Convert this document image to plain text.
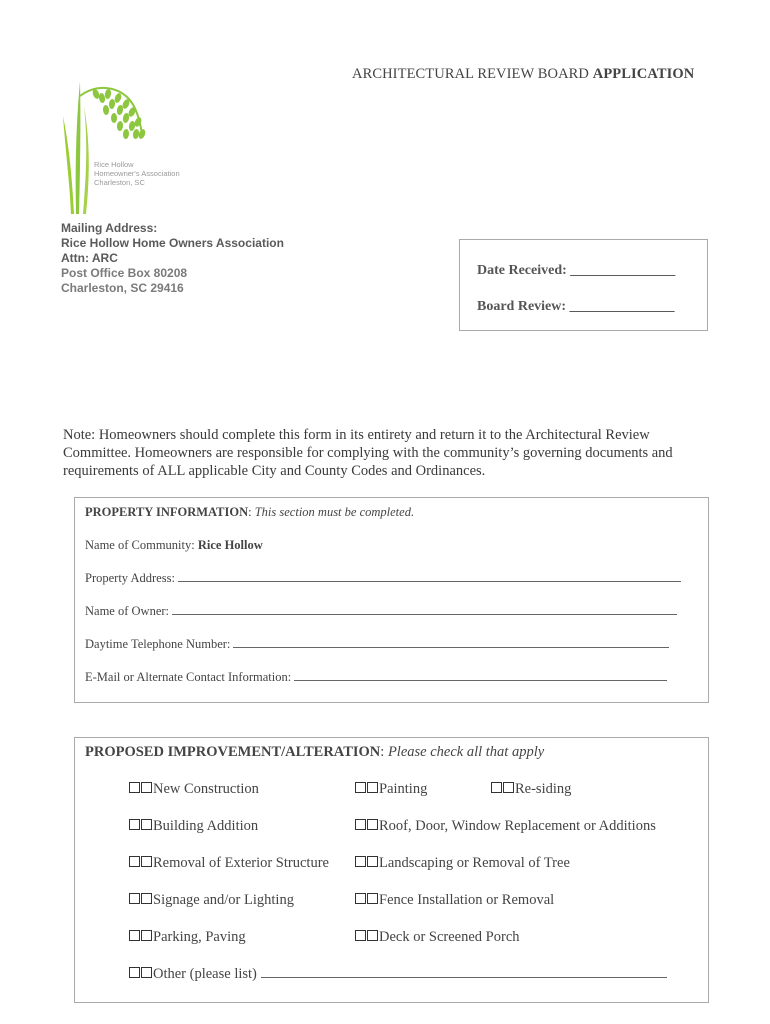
ARCHITECTURAL REVIEW BOARD APPLICATION
Rice Hollow
Homeowner's Association
Charleston, SC
Mailing Address:
Rice Hollow Home Owners Association
Attn: ARC
Post Office Box 80208
Charleston, SC 29416
Date Received: _______________
Board Review: _______________
Note: Homeowners should complete this form in its entirety and return it to the Architectural Review Committee. Homeowners are responsible for complying with the community’s governing documents and requirements of ALL applicable City and County Codes and Ordinances.
PROPERTY INFORMATION: This section must be completed.
Name of Community: Rice Hollow
Property Address:
Name of Owner:
Daytime Telephone Number:
E-Mail or Alternate Contact Information:
PROPOSED IMPROVEMENT/ALTERATION: Please check all that apply
New Construction	Painting	Re-siding
Building Addition	Roof, Door, Window Replacement or Additions
Removal of Exterior Structure	Landscaping or Removal of Tree
Signage and/or Lighting	Fence Installation or Removal
Parking, Paving	Deck or Screened Porch
Other (please list)
